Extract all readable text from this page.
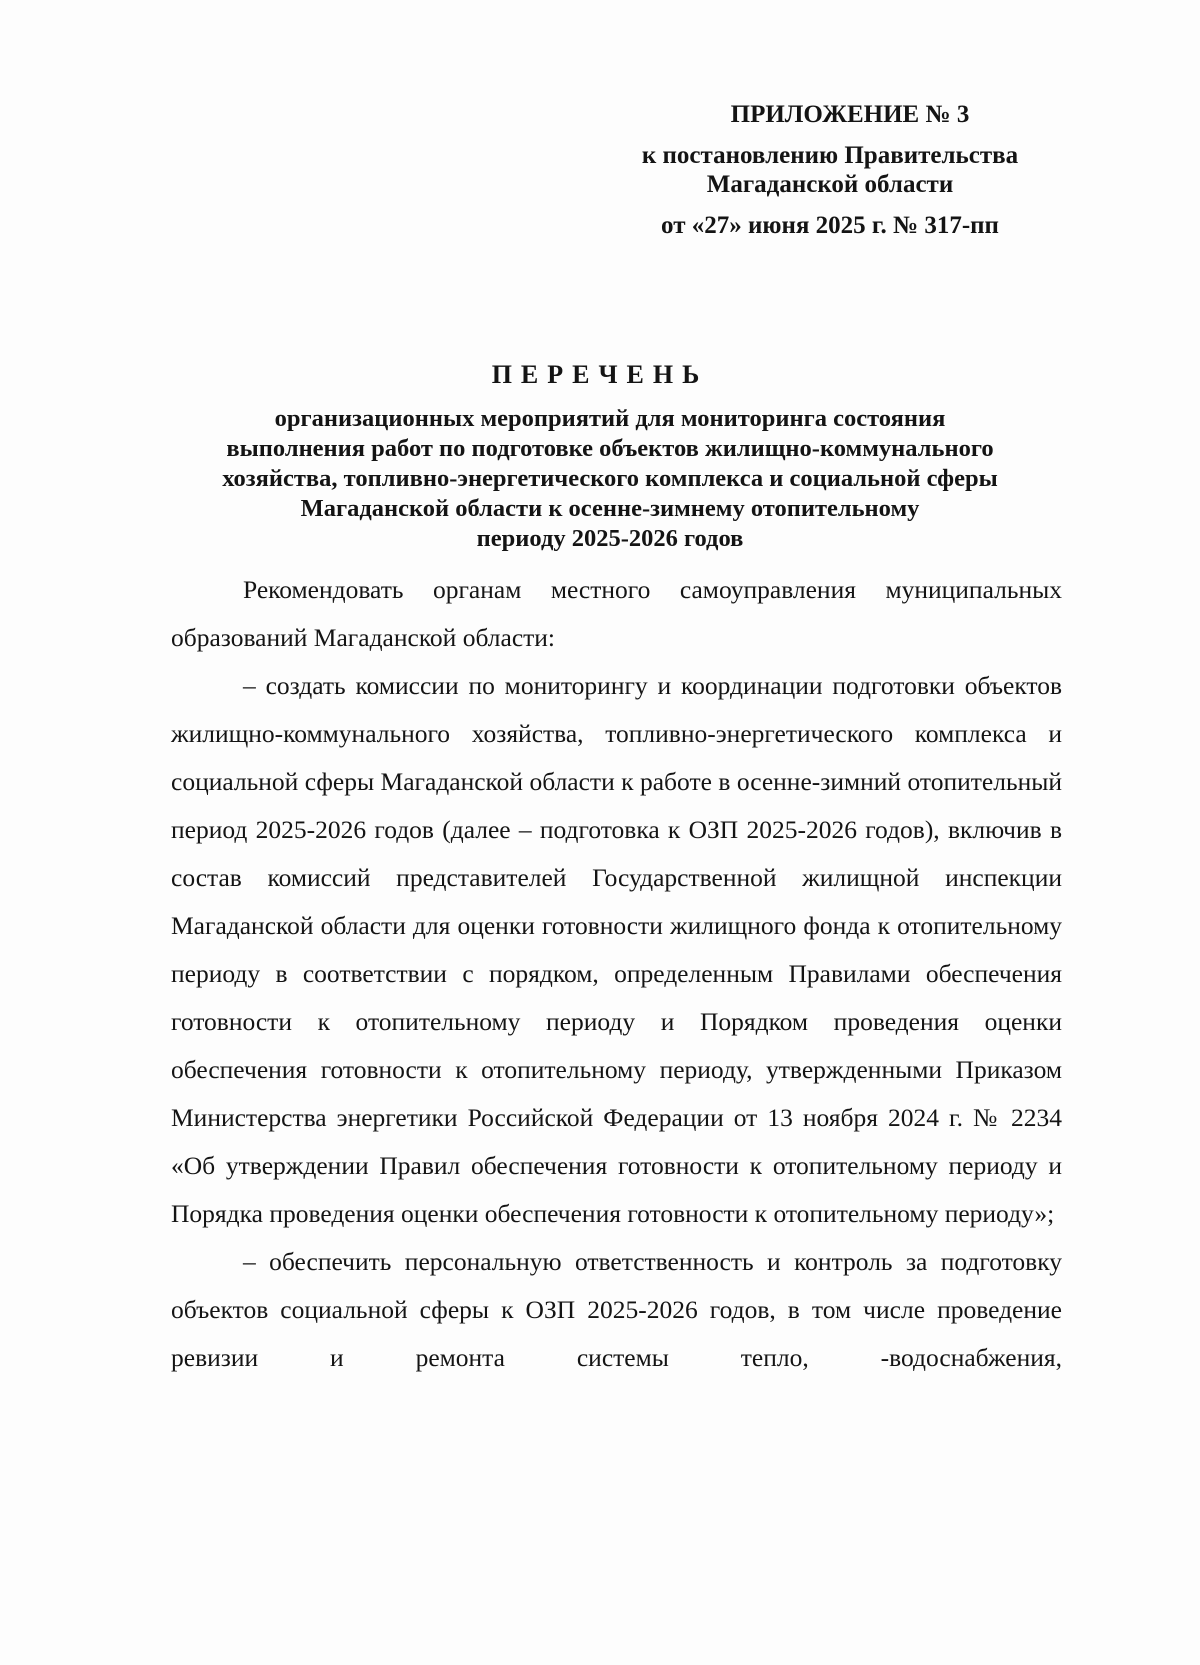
ПРИЛОЖЕНИЕ № 3
к постановлению Правительства
Магаданской области
от «27» июня 2025 г. № 317-пп
ПЕРЕЧЕНЬ
организационных мероприятий для мониторинга состояния
выполнения работ по подготовке объектов жилищно-коммунального
хозяйства, топливно-энергетического комплекса и социальной сферы
Магаданской области к осенне-зимнему отопительному
периоду 2025-2026 годов

Рекомендовать органам местного самоуправления муниципальных образований Магаданской области:

– создать комиссии по мониторингу и координации подготовки объектов жилищно-коммунального хозяйства, топливно-энергетического комплекса и социальной сферы Магаданской области к работе в осенне-зимний отопительный период 2025-2026 годов (далее – подготовка к ОЗП 2025-2026 годов), включив в состав комиссий представителей Государственной жилищной инспекции Магаданской области для оценки готовности жилищного фонда к отопительному периоду в соответствии с порядком, определенным Правилами обеспечения готовности к отопительному периоду и Порядком проведения оценки обеспечения готовности к отопительному периоду, утвержденными Приказом Министерства энергетики Российской Федерации от 13 ноября 2024 г. № 2234 «Об утверждении Правил обеспечения готовности к отопительному периоду и Порядка проведения оценки обеспечения готовности к отопительному периоду»;

– обеспечить персональную ответственность и контроль за подготовку объектов социальной сферы к ОЗП 2025-2026 годов, в том числе проведение ревизии и ремонта системы тепло, -водоснабжения,
